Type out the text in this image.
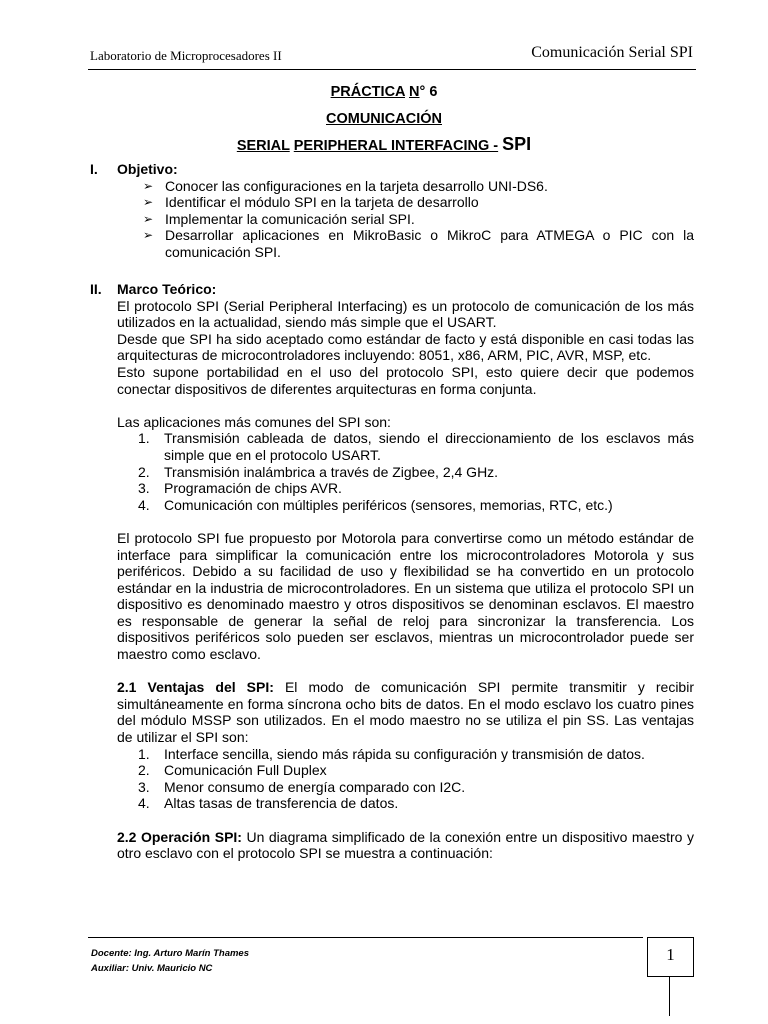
Laboratorio de Microprocesadores II	Comunicación Serial SPI
PRÁCTICA N° 6
COMUNICACIÓN
SERIAL PERIPHERAL INTERFACING - SPI
I. Objetivo:
➢ Conocer las configuraciones en la tarjeta desarrollo UNI-DS6.
➢ Identificar el módulo SPI en la tarjeta de desarrollo
➢ Implementar la comunicación serial SPI.
➢ Desarrollar aplicaciones en MikroBasic o MikroC para ATMEGA o PIC con la comunicación SPI.
II. Marco Teórico:

El protocolo SPI (Serial Peripheral Interfacing) es un protocolo de comunicación de los más utilizados en la actualidad, siendo más simple que el USART.

Desde que SPI ha sido aceptado como estándar de facto y está disponible en casi todas las arquitecturas de microcontroladores incluyendo: 8051, x86, ARM, PIC, AVR, MSP, etc.

Esto supone portabilidad en el uso del protocolo SPI, esto quiere decir que podemos conectar dispositivos de diferentes arquitecturas en forma conjunta.

Las aplicaciones más comunes del SPI son:

1. Transmisión cableada de datos, siendo el direccionamiento de los esclavos más simple que en el protocolo USART.
2. Transmisión inalámbrica a través de Zigbee, 2,4 GHz.
3. Programación de chips AVR.
4. Comunicación con múltiples periféricos (sensores, memorias, RTC, etc.)

El protocolo SPI fue propuesto por Motorola para convertirse como un método estándar de interface para simplificar la comunicación entre los microcontroladores Motorola y sus periféricos. Debido a su facilidad de uso y flexibilidad se ha convertido en un protocolo estándar en la industria de microcontroladores. En un sistema que utiliza el protocolo SPI un dispositivo es denominado maestro y otros dispositivos se denominan esclavos. El maestro es responsable de generar la señal de reloj para sincronizar la transferencia. Los dispositivos periféricos solo pueden ser esclavos, mientras un microcontrolador puede ser maestro como esclavo.

2.1 Ventajas del SPI: El modo de comunicación SPI permite transmitir y recibir simultáneamente en forma síncrona ocho bits de datos. En el modo esclavo los cuatro pines del módulo MSSP son utilizados. En el modo maestro no se utiliza el pin SS. Las ventajas de utilizar el SPI son:

1. Interface sencilla, siendo más rápida su configuración y transmisión de datos.
2. Comunicación Full Duplex
3. Menor consumo de energía comparado con I2C.
4. Altas tasas de transferencia de datos.

2.2 Operación SPI: Un diagrama simplificado de la conexión entre un dispositivo maestro y otro esclavo con el protocolo SPI se muestra a continuación:

Docente: Ing. Arturo Marín Thames
Auxiliar: Univ. Mauricio NC
1
